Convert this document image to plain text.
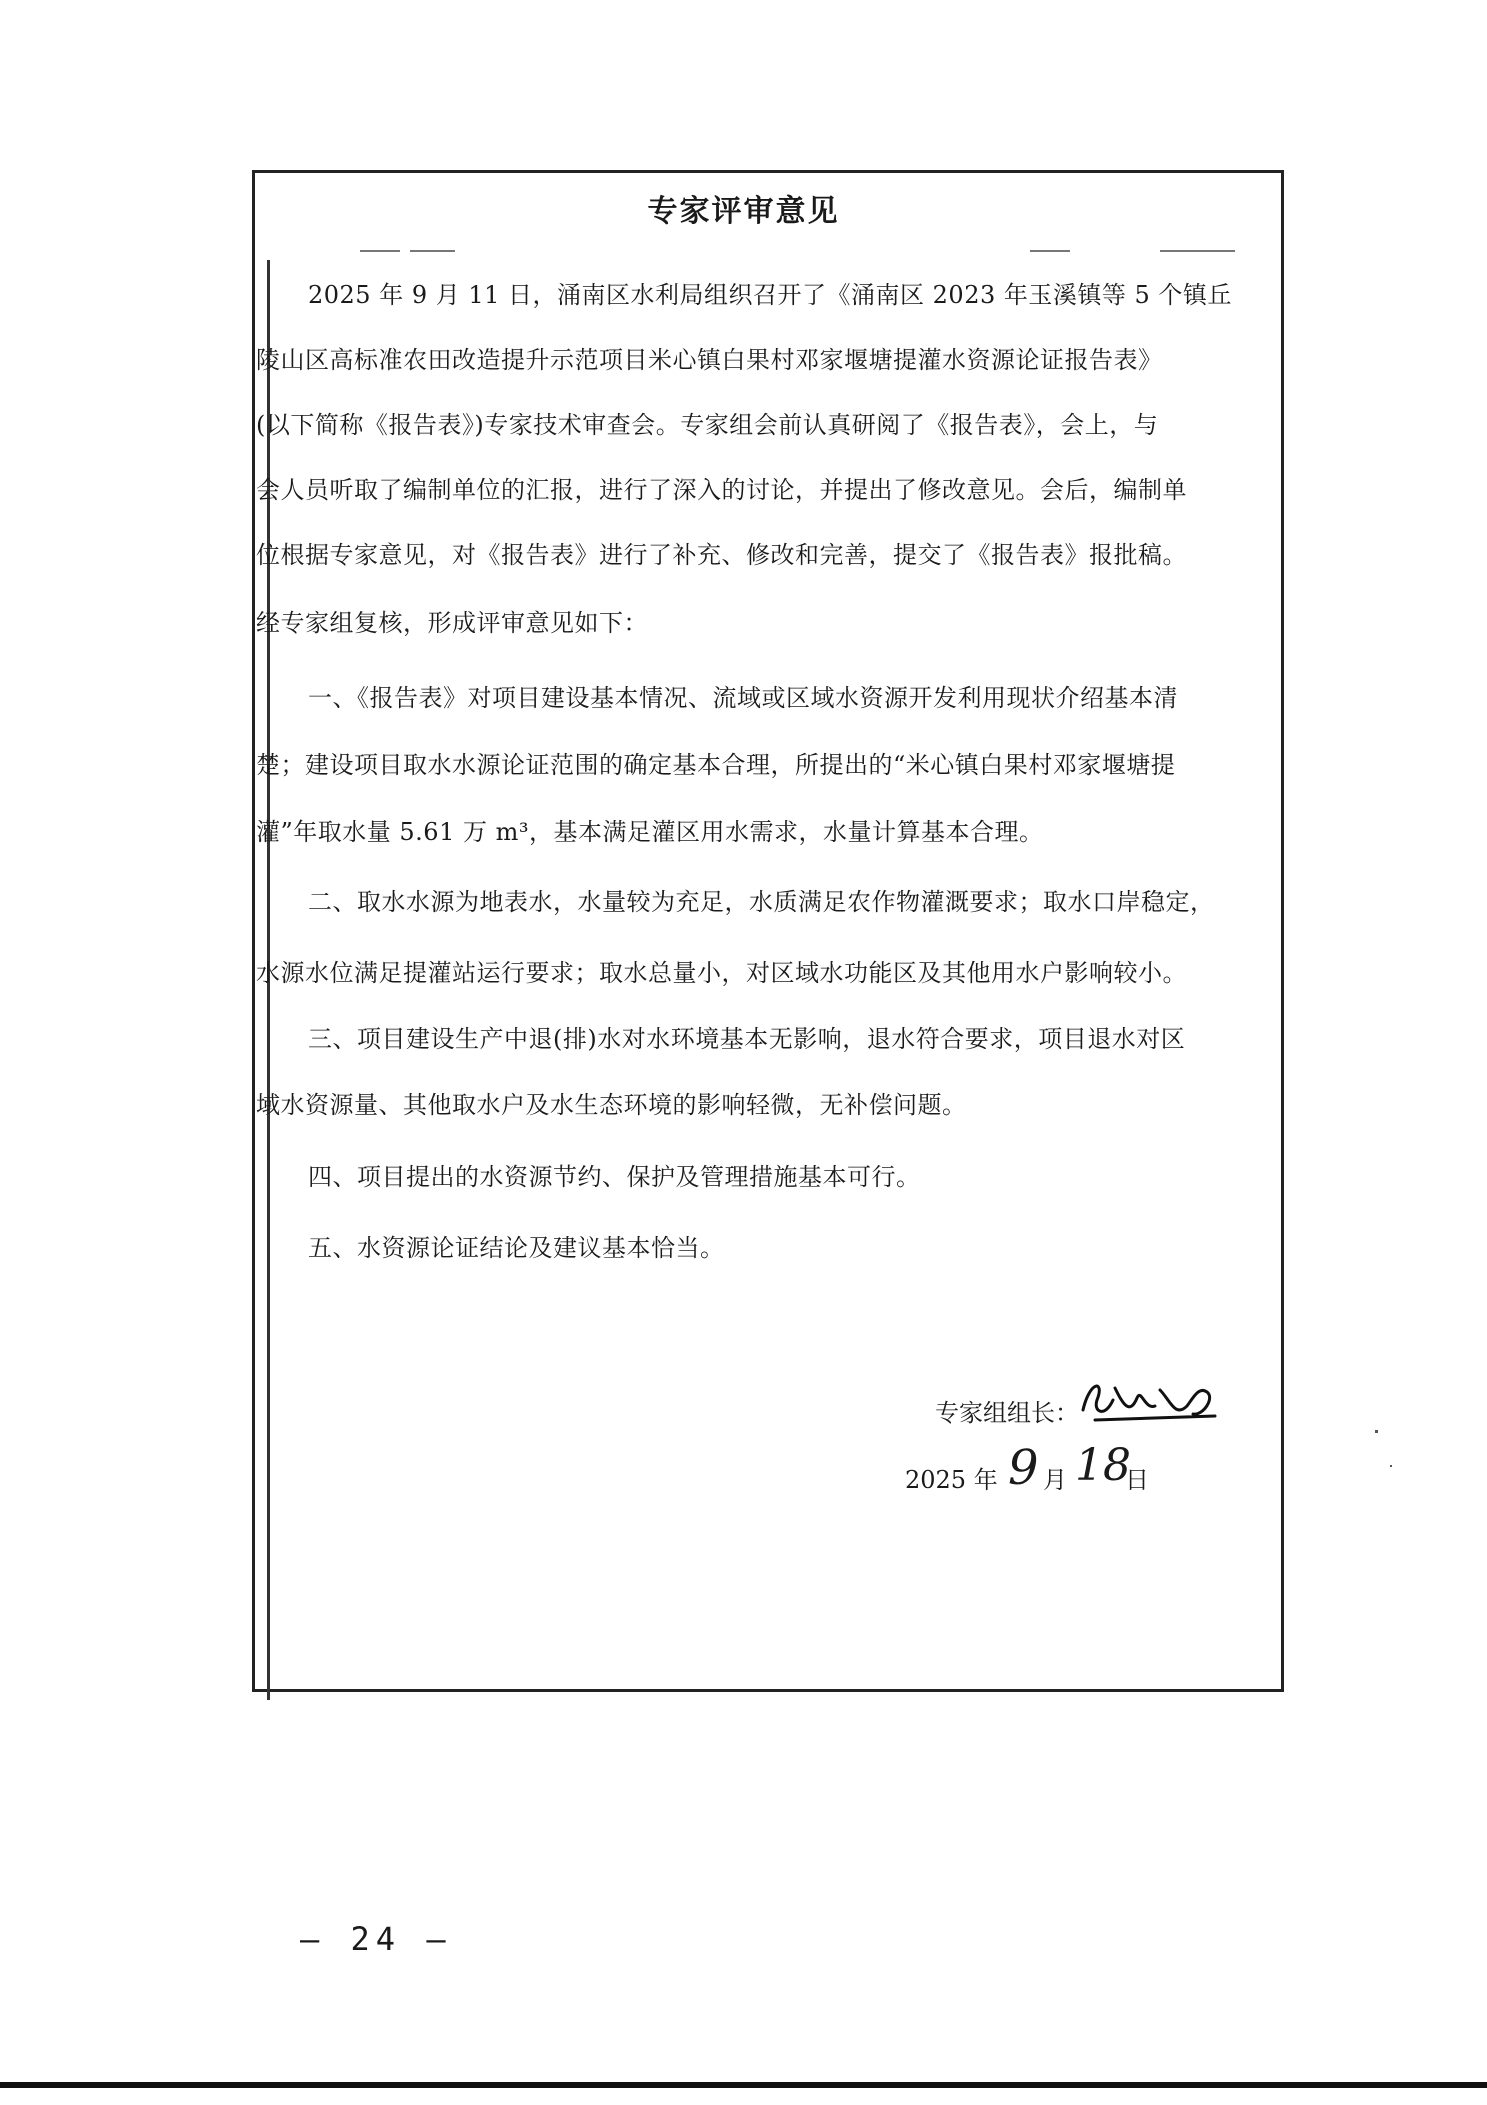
专家评审意见
2025 年 9 月 11 日，涌南区水利局组织召开了《涌南区 2023 年玉溪镇等 5 个镇丘
陵山区高标准农田改造提升示范项目米心镇白果村邓家堰塘提灌水资源论证报告表》
(以下简称《报告表》)专家技术审查会。专家组会前认真研阅了《报告表》，会上，与
会人员听取了编制单位的汇报，进行了深入的讨论，并提出了修改意见。会后，编制单
位根据专家意见，对《报告表》进行了补充、修改和完善，提交了《报告表》报批稿。
经专家组复核，形成评审意见如下：
一、《报告表》对项目建设基本情况、流域或区域水资源开发利用现状介绍基本清
楚；建设项目取水水源论证范围的确定基本合理，所提出的“米心镇白果村邓家堰塘提
灌”年取水量 5.61 万 m³，基本满足灌区用水需求，水量计算基本合理。
二、取水水源为地表水，水量较为充足，水质满足农作物灌溉要求；取水口岸稳定，
水源水位满足提灌站运行要求；取水总量小，对区域水功能区及其他用水户影响较小。
三、项目建设生产中退(排)水对水环境基本无影响，退水符合要求，项目退水对区
域水资源量、其他取水户及水生态环境的影响轻微，无补偿问题。
四、项目提出的水资源节约、保护及管理措施基本可行。
五、水资源论证结论及建议基本恰当。
专家组组长：
2025 年 9 月 18
日
— 24 —
